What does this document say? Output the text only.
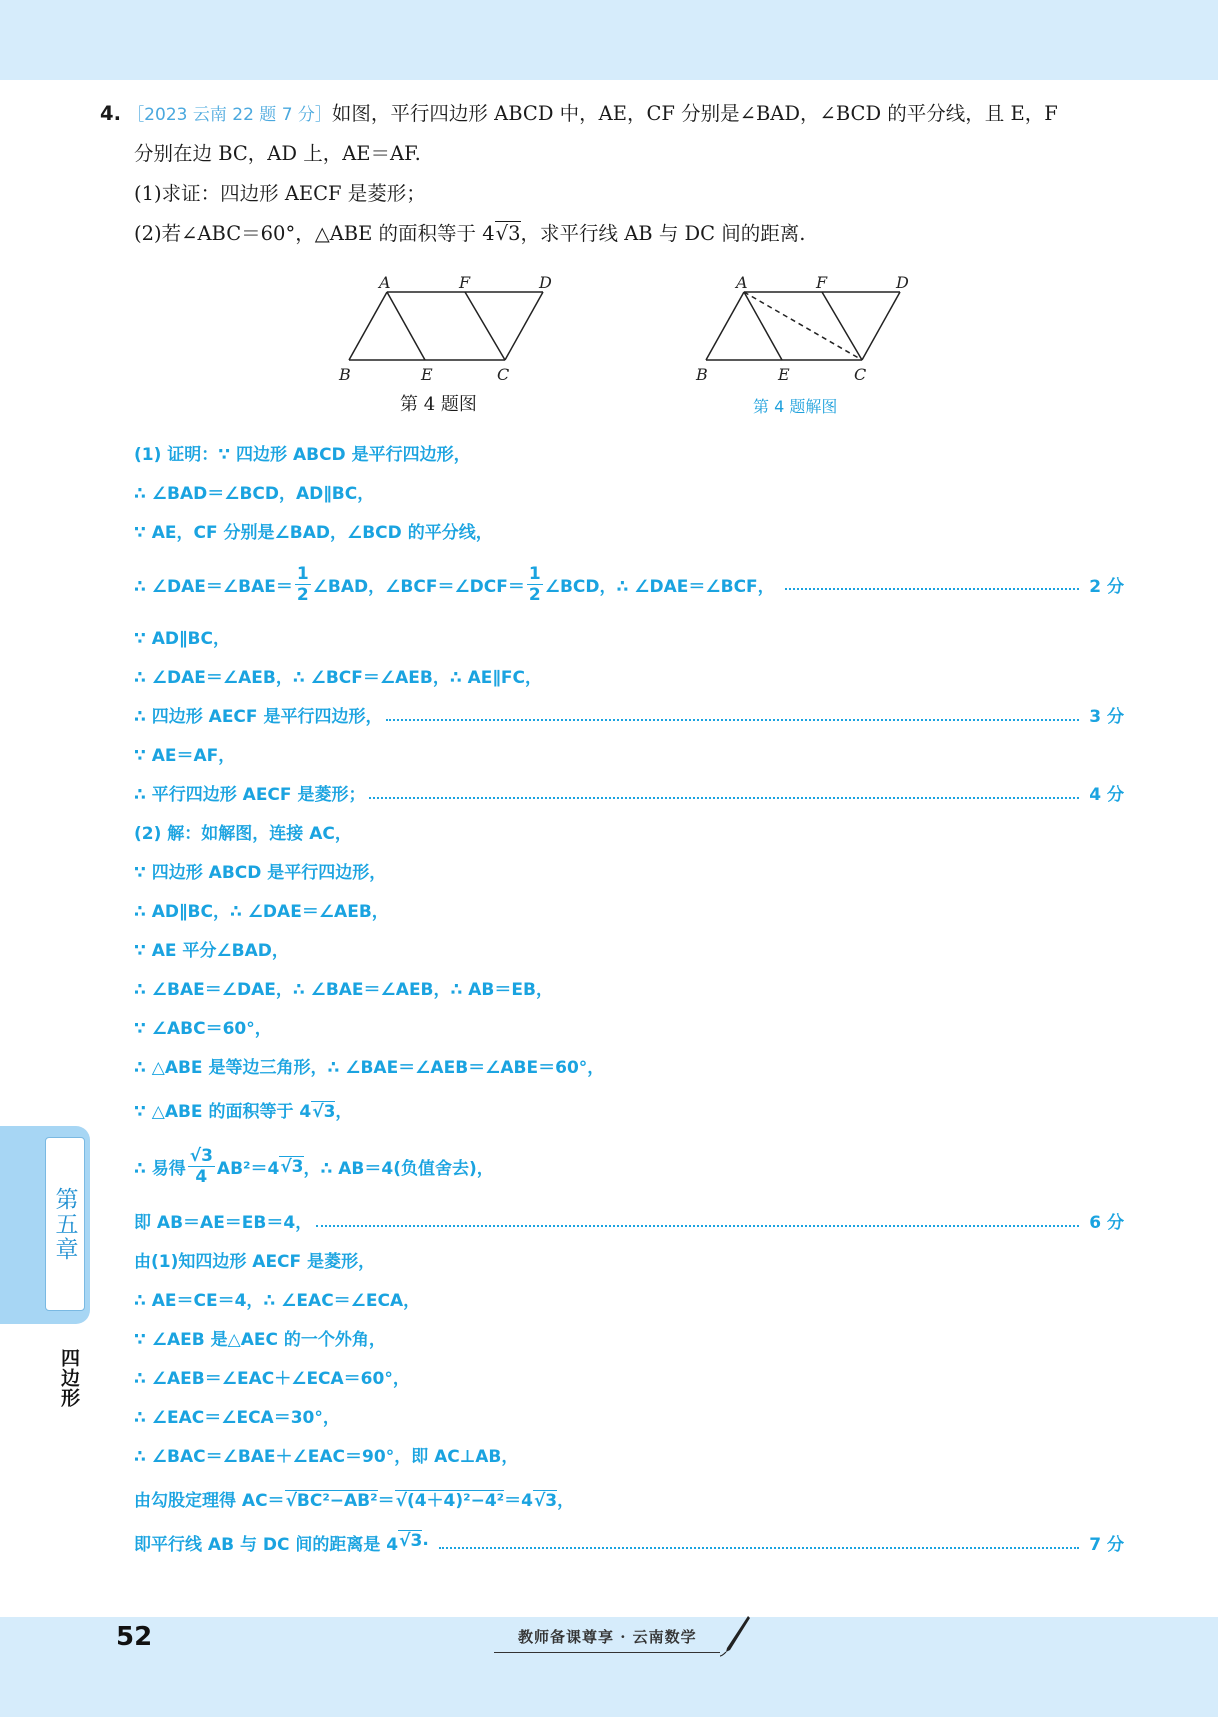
4. ［2023 云南 22 题 7 分］如图，平行四边形 ABCD 中，AE，CF 分别是∠BAD，∠BCD 的平分线，且 E，F
分别在边 BC，AD 上，AE＝AF.
(1)求证：四边形 AECF 是菱形；
(2)若∠ABC＝60°，△ABE 的面积等于 4√3，求平行线 AB 与 DC 间的距离.
A	F	D
B	E	C
第 4 题图
A	F	D
B	E	C
第 4 题解图
(1) 证明：∵ 四边形 ABCD 是平行四边形，
∴ ∠BAD＝∠BCD，AD∥BC，
∵ AE，CF 分别是∠BAD，∠BCD 的平分线，
∴ ∠DAE＝∠BAE＝ $\frac{1}{2}$ ∠BAD，∠BCF＝∠DCF＝ $\frac{1}{2}$ ∠BCD，∴ ∠DAE＝∠BCF，	2 分
∵ AD∥BC，
∴ ∠DAE＝∠AEB，∴ ∠BCF＝∠AEB，∴ AE∥FC，
∴ 四边形 AECF 是平行四边形，	3 分
∵ AE＝AF，
∴ 平行四边形 AECF 是菱形；	4 分
(2) 解：如解图，连接 AC，
∵ 四边形 ABCD 是平行四边形，
∴ AD∥BC，∴ ∠DAE＝∠AEB，
∵ AE 平分∠BAD，
∴ ∠BAE＝∠DAE，∴ ∠BAE＝∠AEB，∴ AB＝EB，
∵ ∠ABC＝60°，
∴ △ABE 是等边三角形，∴ ∠BAE＝∠AEB＝∠ABE＝60°，
∵ △ABE 的面积等于 4√3，
∴ 易得 $\frac{√3}{4} AB^2=4$ √3 ，∴ AB＝4(负值舍去)，
即 AB＝AE＝EB＝4，	6 分
由(1)知四边形 AECF 是菱形，
∴ AE＝CE＝4，∴ ∠EAC＝∠ECA，
∵ ∠AEB 是△AEC 的一个外角，
∴ ∠AEB＝∠EAC＋∠ECA＝60°，
∴ ∠EAC＝∠ECA＝30°，
∴ ∠BAC＝∠BAE＋∠EAC＝90°，即 AC⊥AB，
由勾股定理得 AC＝√BC²−AB²＝√(4＋4)²−4²＝4√3，
即平行线 AB 与 DC 间的距离是 4 √3 .	7 分
第五章
四边形
52	教师备课尊享 · 云南数学
